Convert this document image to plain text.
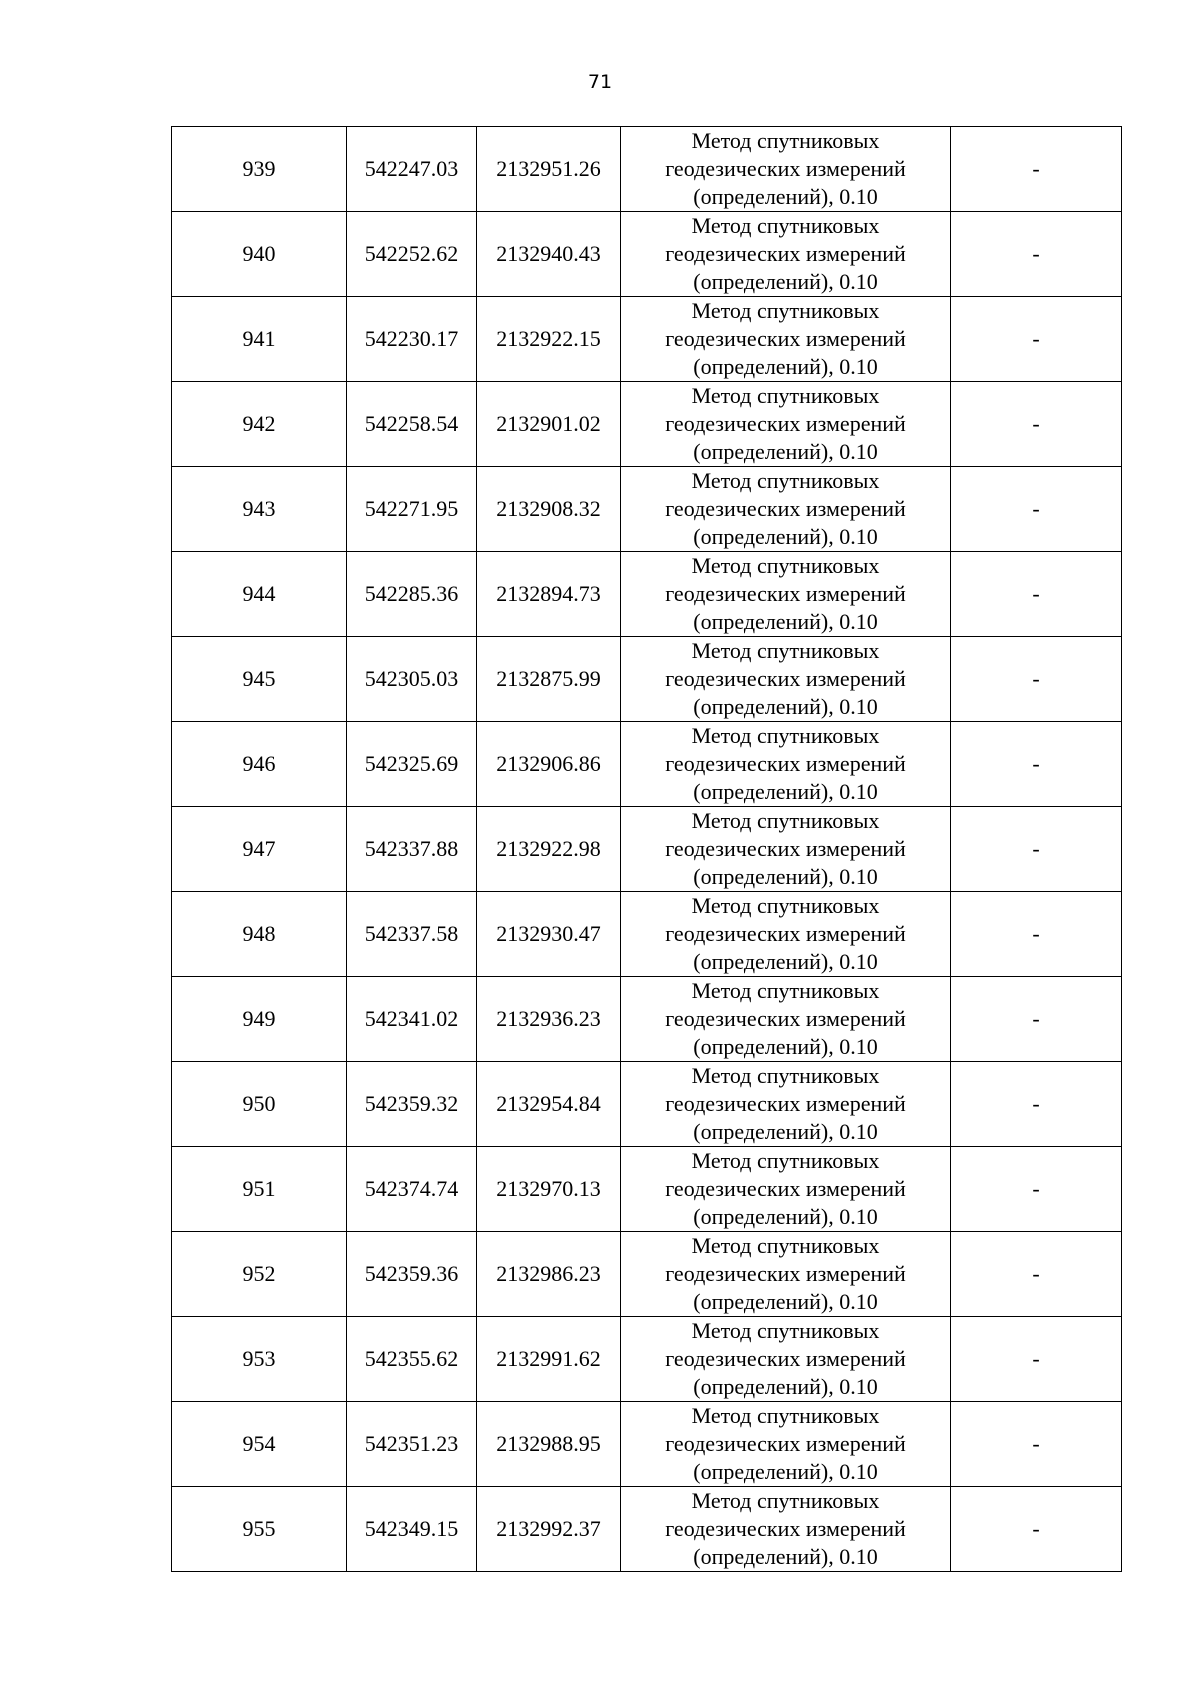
71
939	542247.03	2132951.26	Метод спутниковых
геодезических измерений
(определений), 0.10	-
940	542252.62	2132940.43	Метод спутниковых
геодезических измерений
(определений), 0.10	-
941	542230.17	2132922.15	Метод спутниковых
геодезических измерений
(определений), 0.10	-
942	542258.54	2132901.02	Метод спутниковых
геодезических измерений
(определений), 0.10	-
943	542271.95	2132908.32	Метод спутниковых
геодезических измерений
(определений), 0.10	-
944	542285.36	2132894.73	Метод спутниковых
геодезических измерений
(определений), 0.10	-
945	542305.03	2132875.99	Метод спутниковых
геодезических измерений
(определений), 0.10	-
946	542325.69	2132906.86	Метод спутниковых
геодезических измерений
(определений), 0.10	-
947	542337.88	2132922.98	Метод спутниковых
геодезических измерений
(определений), 0.10	-
948	542337.58	2132930.47	Метод спутниковых
геодезических измерений
(определений), 0.10	-
949	542341.02	2132936.23	Метод спутниковых
геодезических измерений
(определений), 0.10	-
950	542359.32	2132954.84	Метод спутниковых
геодезических измерений
(определений), 0.10	-
951	542374.74	2132970.13	Метод спутниковых
геодезических измерений
(определений), 0.10	-
952	542359.36	2132986.23	Метод спутниковых
геодезических измерений
(определений), 0.10	-
953	542355.62	2132991.62	Метод спутниковых
геодезических измерений
(определений), 0.10	-
954	542351.23	2132988.95	Метод спутниковых
геодезических измерений
(определений), 0.10	-
955	542349.15	2132992.37	Метод спутниковых
геодезических измерений
(определений), 0.10	-
